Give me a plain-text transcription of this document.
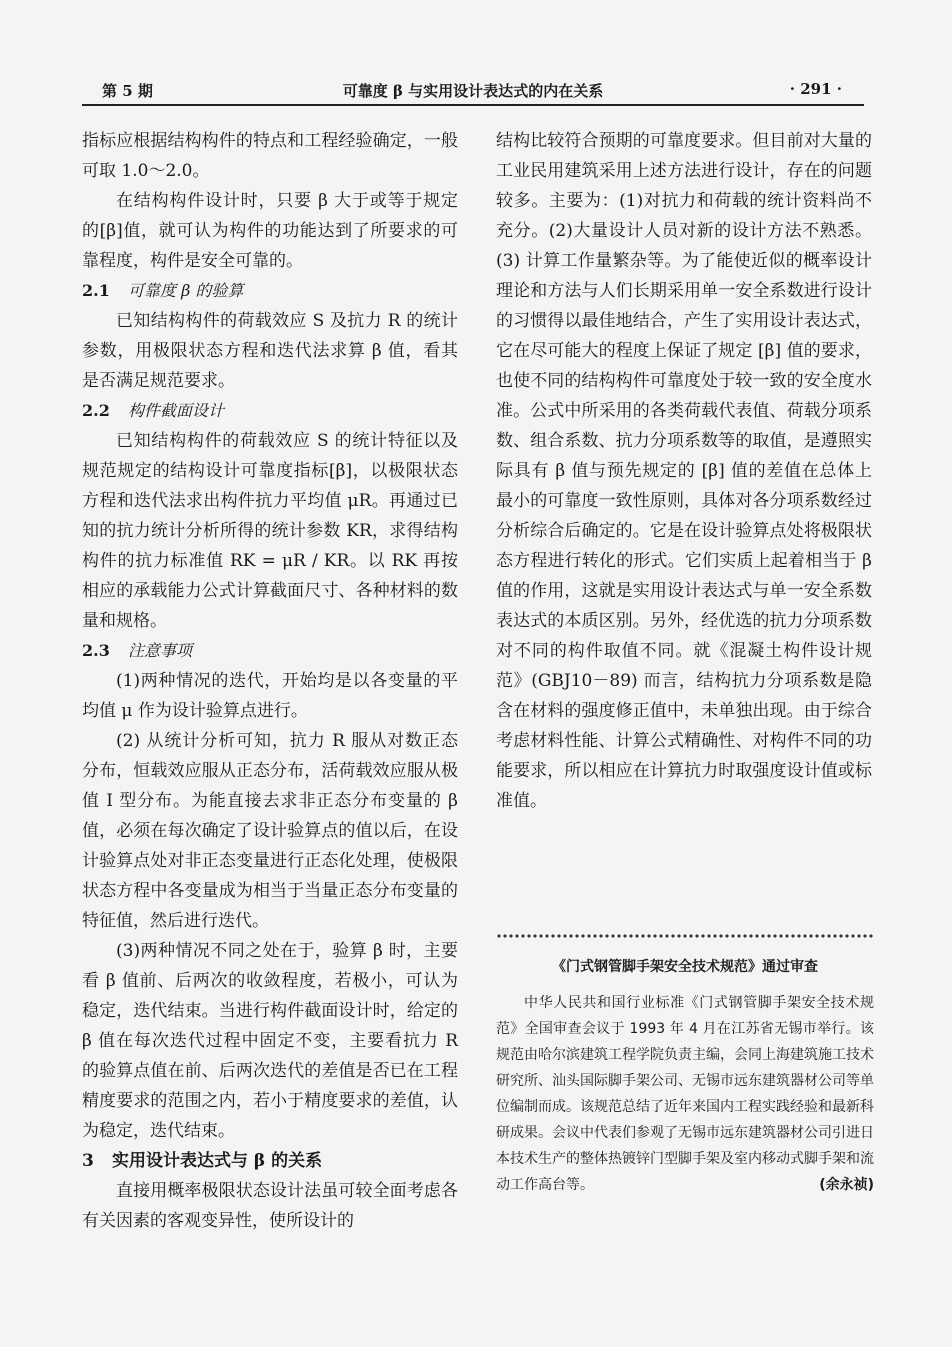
第 5 期	可靠度 β 与实用设计表达式的内在关系	· 291 ·

指标应根据结构构件的特点和工程经验确定，一般可取 1.0～2.0。

在结构构件设计时，只要 β 大于或等于规定的[β]值，就可认为构件的功能达到了所要求的可靠程度，构件是安全可靠的。

2.1 可靠度 β 的验算

已知结构构件的荷载效应 S 及抗力 R 的统计参数，用极限状态方程和迭代法求算 β 值，看其是否满足规范要求。

2.2 构件截面设计

已知结构构件的荷载效应 S 的统计特征以及规范规定的结构设计可靠度指标[β]，以极限状态方程和迭代法求出构件抗力平均值 μR。再通过已知的抗力统计分析所得的统计参数 KR，求得结构构件的抗力标准值 RK = μR / KR。以 RK 再按相应的承载能力公式计算截面尺寸、各种材料的数量和规格。

2.3 注意事项

(1)两种情况的迭代，开始均是以各变量的平均值 μ 作为设计验算点进行。

(2) 从统计分析可知，抗力 R 服从对数正态分布，恒载效应服从正态分布，活荷载效应服从极值 I 型分布。为能直接去求非正态分布变量的 β 值，必须在每次确定了设计验算点的值以后，在设计验算点处对非正态变量进行正态化处理，使极限状态方程中各变量成为相当于当量正态分布变量的特征值，然后进行迭代。

(3)两种情况不同之处在于，验算 β 时，主要看 β 值前、后两次的收敛程度，若极小，可认为稳定，迭代结束。当进行构件截面设计时，给定的 β 值在每次迭代过程中固定不变，主要看抗力 R 的验算点值在前、后两次迭代的差值是否已在工程精度要求的范围之内，若小于精度要求的差值，认为稳定，迭代结束。

3 实用设计表达式与 β 的关系

直接用概率极限状态设计法虽可较全面考虑各有关因素的客观变异性，使所设计的

结构比较符合预期的可靠度要求。但目前对大量的工业民用建筑采用上述方法进行设计，存在的问题较多。主要为：(1)对抗力和荷载的统计资料尚不充分。(2)大量设计人员对新的设计方法不熟悉。(3) 计算工作量繁杂等。为了能使近似的概率设计理论和方法与人们长期采用单一安全系数进行设计的习惯得以最佳地结合，产生了实用设计表达式，它在尽可能大的程度上保证了规定 [β] 值的要求，也使不同的结构构件可靠度处于较一致的安全度水准。公式中所采用的各类荷载代表值、荷载分项系数、组合系数、抗力分项系数等的取值，是遵照实际具有 β 值与预先规定的 [β] 值的差值在总体上最小的可靠度一致性原则，具体对各分项系数经过分析综合后确定的。它是在设计验算点处将极限状态方程进行转化的形式。它们实质上起着相当于 β 值的作用，这就是实用设计表达式与单一安全系数表达式的本质区别。另外，经优选的抗力分项系数对不同的构件取值不同。就《混凝土构件设计规范》(GBJ10－89) 而言，结构抗力分项系数是隐含在材料的强度修正值中，未单独出现。由于综合考虑材料性能、计算公式精确性、对构件不同的功能要求，所以相应在计算抗力时取强度设计值或标准值。

《门式钢管脚手架安全技术规范》通过审查

中华人民共和国行业标准《门式钢管脚手架安全技术规范》全国审查会议于 1993 年 4 月在江苏省无锡市举行。该规范由哈尔滨建筑工程学院负责主编，会同上海建筑施工技术研究所、汕头国际脚手架公司、无锡市远东建筑器材公司等单位编制而成。该规范总结了近年来国内工程实践经验和最新科研成果。会议中代表们参观了无锡市远东建筑器材公司引进日本技术生产的整体热镀锌门型脚手架及室内移动式脚手架和流动工作高台等。	(余永祯)
